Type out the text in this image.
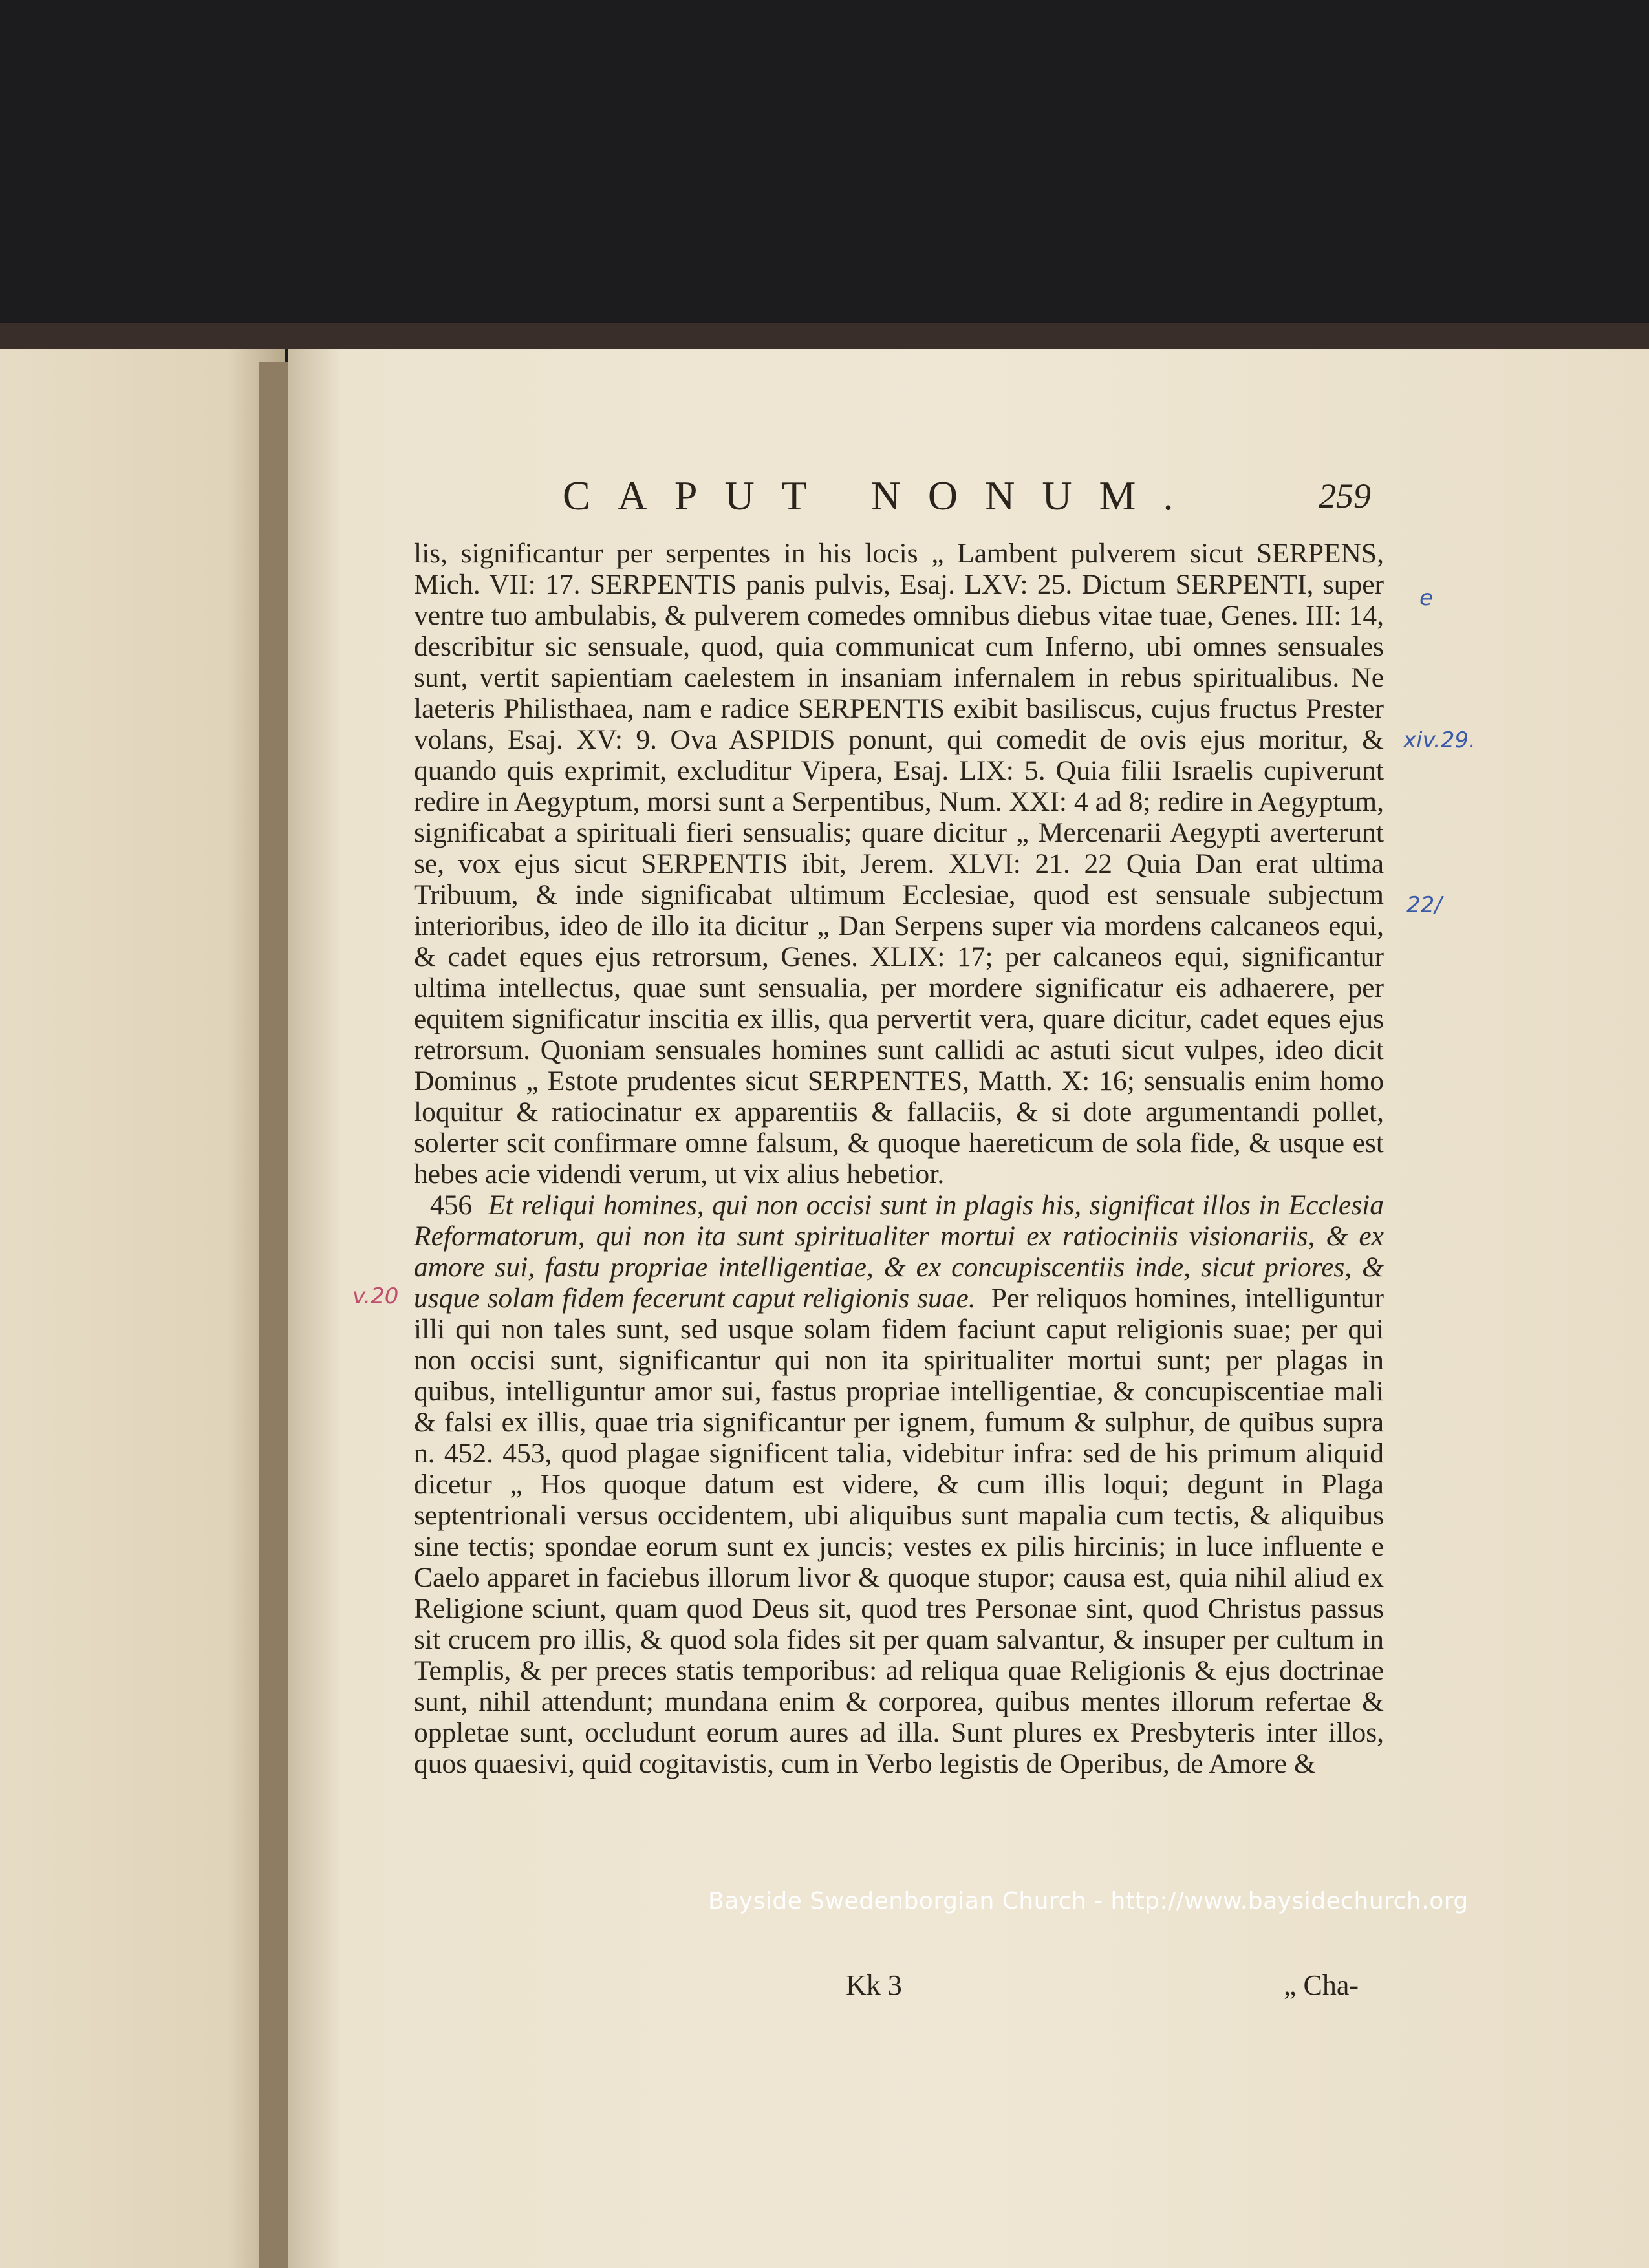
CAPUT NONUM.	259

lis, significantur per serpentes in his locis „ Lambent pulverem sicut SERPENS, Mich. VII: 17. SERPENTIS panis pulvis, Esaj. LXV: 25. Dictum SERPENTI, super ventre tuo ambulabis, & pulverem comedes omnibus diebus vitae tuae, Genes. III: 14, describitur sic sensuale, quod, quia communicat cum Inferno, ubi omnes sensuales sunt, vertit sapientiam caelestem in insaniam infernalem in rebus spiritualibus. Ne laeteris Philisthaea, nam e radice SERPENTIS exibit basiliscus, cujus fructus Prester volans, Esaj. XV: 9. Ova ASPIDIS ponunt, qui comedit de ovis ejus moritur, & quando quis exprimit, excluditur Vipera, Esaj. LIX: 5. Quia filii Israelis cupiverunt redire in Aegyptum, morsi sunt a Serpentibus, Num. XXI: 4 ad 8; redire in Aegyptum, significabat a spirituali fieri sensualis; quare dicitur „ Mercenarii Aegypti averterunt se, vox ejus sicut SERPENTIS ibit, Jerem. XLVI: 21. 22 Quia Dan erat ultima Tribuum, & inde significabat ultimum Ecclesiae, quod est sensuale subjectum interioribus, ideo de illo ita dicitur „ Dan Serpens super via mordens calcaneos equi, & cadet eques ejus retrorsum, Genes. XLIX: 17; per calcaneos equi, significantur ultima intellectus, quae sunt sensualia, per mordere significatur eis adhaerere, per equitem significatur inscitia ex illis, qua pervertit vera, quare dicitur, cadet eques ejus retrorsum. Quoniam sensuales homines sunt callidi ac astuti sicut vulpes, ideo dicit Dominus „ Estote prudentes sicut SERPENTES, Matth. X: 16; sensualis enim homo loquitur & ratiocinatur ex apparentiis & fallaciis, & si dote argumentandi pollet, solerter scit confirmare omne falsum, & quoque haereticum de sola fide, & usque est hebes acie videndi verum, ut vix alius hebetior.

456 Et reliqui homines, qui non occisi sunt in plagis his, significat illos in Ecclesia Reformatorum, qui non ita sunt spiritualiter mortui ex ratiociniis visionariis, & ex amore sui, fastu propriae intelligentiae, & ex concupiscentiis inde, sicut priores, & usque solam fidem fecerunt caput religionis suae. Per reliquos homines, intelliguntur illi qui non tales sunt, sed usque solam fidem faciunt caput religionis suae; per qui non occisi sunt, significantur qui non ita spiritualiter mortui sunt; per plagas in quibus, intelliguntur amor sui, fastus propriae intelligentiae, & concupiscentiae mali & falsi ex illis, quae tria significantur per ignem, fumum & sulphur, de quibus supra n. 452. 453, quod plagae significent talia, videbitur infra: sed de his primum aliquid dicetur „ Hos quoque datum est videre, & cum illis loqui; degunt in Plaga septentrionali versus occidentem, ubi aliquibus sunt mapalia cum tectis, & aliquibus sine tectis; spondae eorum sunt ex juncis; vestes ex pilis hircinis; in luce influente e Caelo apparet in faciebus illorum livor & quoque stupor; causa est, quia nihil aliud ex Religione sciunt, quam quod Deus sit, quod tres Personae sint, quod Christus passus sit crucem pro illis, & quod sola fides sit per quam salvantur, & insuper per cultum in Templis, & per preces statis temporibus: ad reliqua quae Religionis & ejus doctrinae sunt, nihil attendunt; mundana enim & corporea, quibus mentes illorum refertae & oppletae sunt, occludunt eorum aures ad illa. Sunt plures ex Presbyteris inter illos, quos quaesivi, quid cogitavistis, cum in Verbo legistis de Operibus, de Amore &

Kk 3	„ Cha-
e
xiv.29.
22/
v.20
Bayside Swedenborgian Church - http://www.baysidechurch.org
